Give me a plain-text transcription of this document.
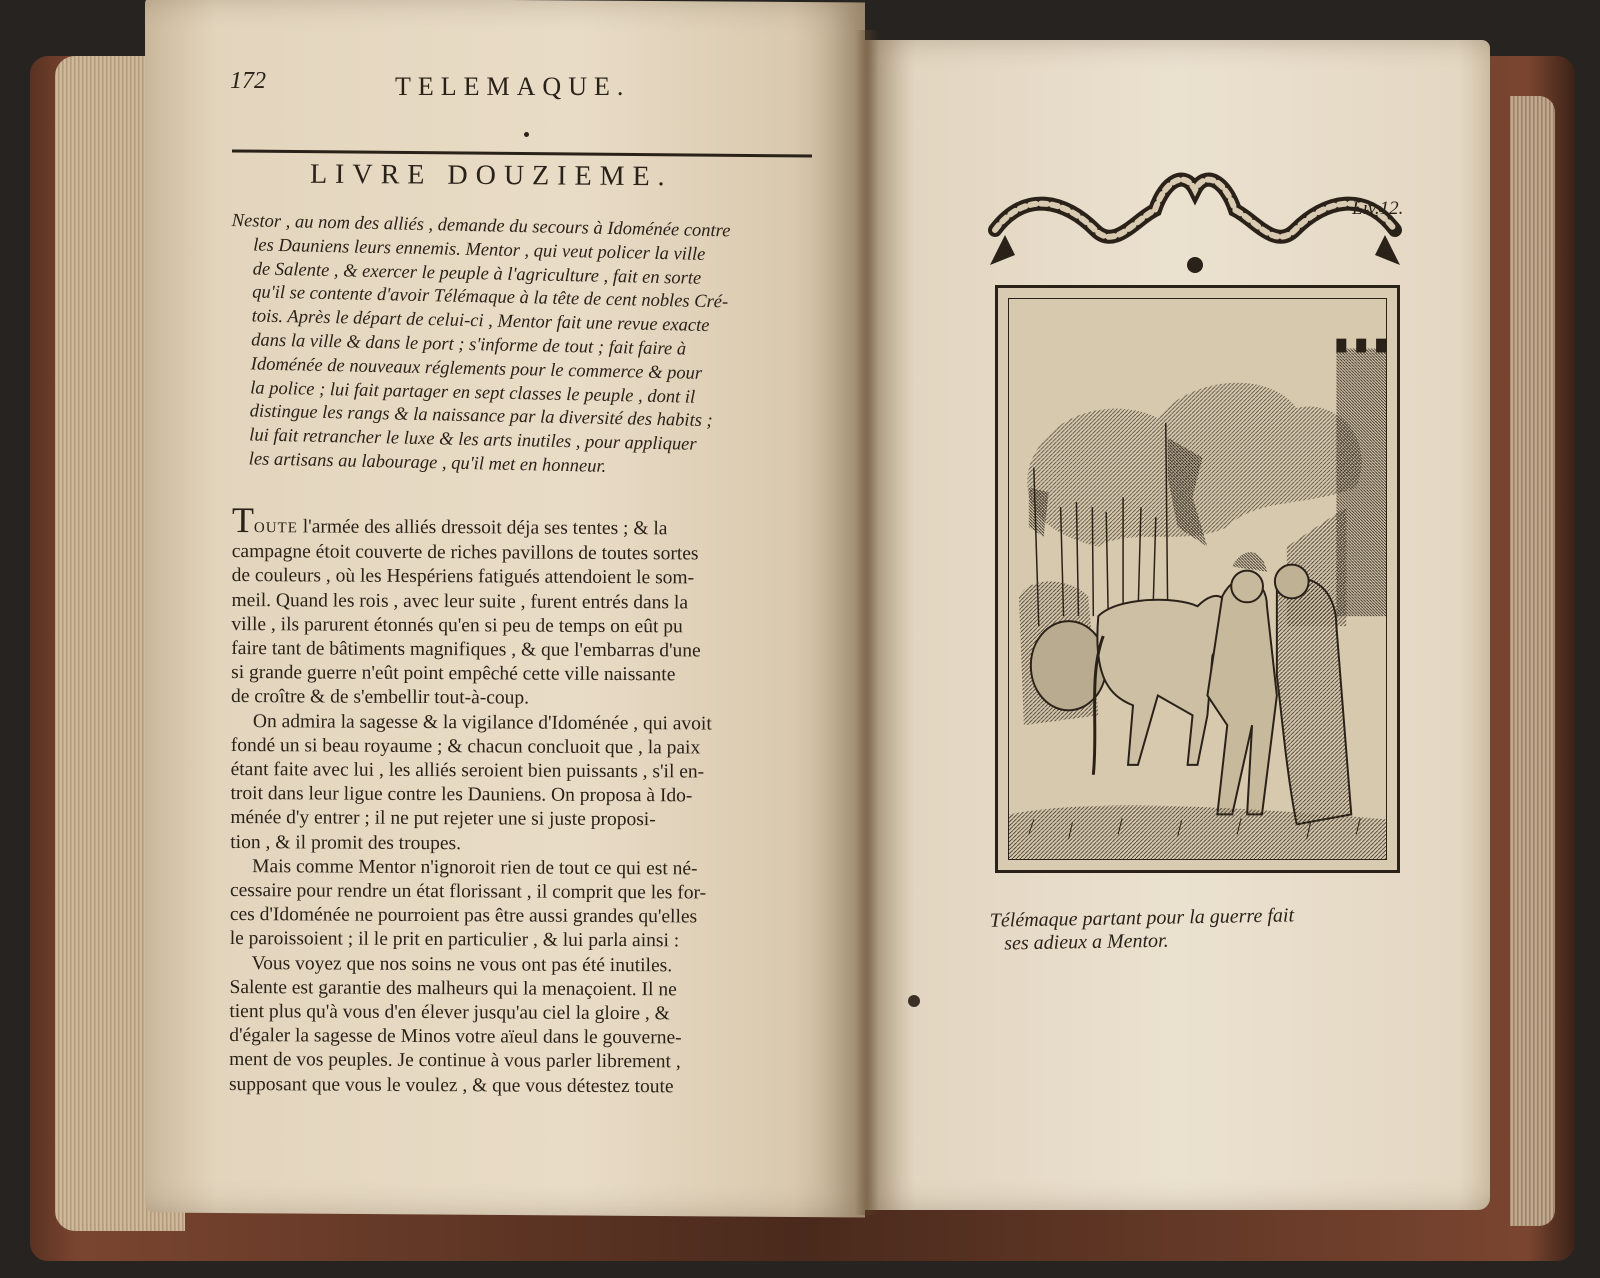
172	TELEMAQUE.
LIVRE DOUZIEME.
Nestor , au nom des alliés , demande du secours à Idoménée contre
les Dauniens leurs ennemis. Mentor , qui veut policer la ville
de Salente , & exercer le peuple à l'agriculture , fait en sorte
qu'il se contente d'avoir Télémaque à la tête de cent nobles Cré-
tois. Après le départ de celui-ci , Mentor fait une revue exacte
dans la ville & dans le port ; s'informe de tout ; fait faire à
Idoménée de nouveaux réglements pour le commerce & pour
la police ; lui fait partager en sept classes le peuple , dont il
distingue les rangs & la naissance par la diversité des habits ;
lui fait retrancher le luxe & les arts inutiles , pour appliquer
les artisans au labourage , qu'il met en honneur.
TOUTE l'armée des alliés dressoit déja ses tentes ; & la
campagne étoit couverte de riches pavillons de toutes sortes
de couleurs , où les Hespériens fatigués attendoient le som-
meil. Quand les rois , avec leur suite , furent entrés dans la
ville , ils parurent étonnés qu'en si peu de temps on eût pu
faire tant de bâtiments magnifiques , & que l'embarras d'une
si grande guerre n'eût point empêché cette ville naissante
de croître & de s'embellir tout-à-coup.
On admira la sagesse & la vigilance d'Idoménée , qui avoit
fondé un si beau royaume ; & chacun concluoit que , la paix
étant faite avec lui , les alliés seroient bien puissants , s'il en-
troit dans leur ligue contre les Dauniens. On proposa à Ido-
ménée d'y entrer ; il ne put rejeter une si juste proposi-
tion , & il promit des troupes.
Mais comme Mentor n'ignoroit rien de tout ce qui est né-
cessaire pour rendre un état florissant , il comprit que les for-
ces d'Idoménée ne pourroient pas être aussi grandes qu'elles
le paroissoient ; il le prit en particulier , & lui parla ainsi :
Vous voyez que nos soins ne vous ont pas été inutiles.
Salente est garantie des malheurs qui la menaçoient. Il ne
tient plus qu'à vous d'en élever jusqu'au ciel la gloire , &
d'égaler la sagesse de Minos votre aïeul dans le gouverne-
ment de vos peuples. Je continue à vous parler librement ,
supposant que vous le voulez , & que vous détestez toute
Liv.12.
Télémaque partant pour la guerre fait
ses adieux a Mentor.
